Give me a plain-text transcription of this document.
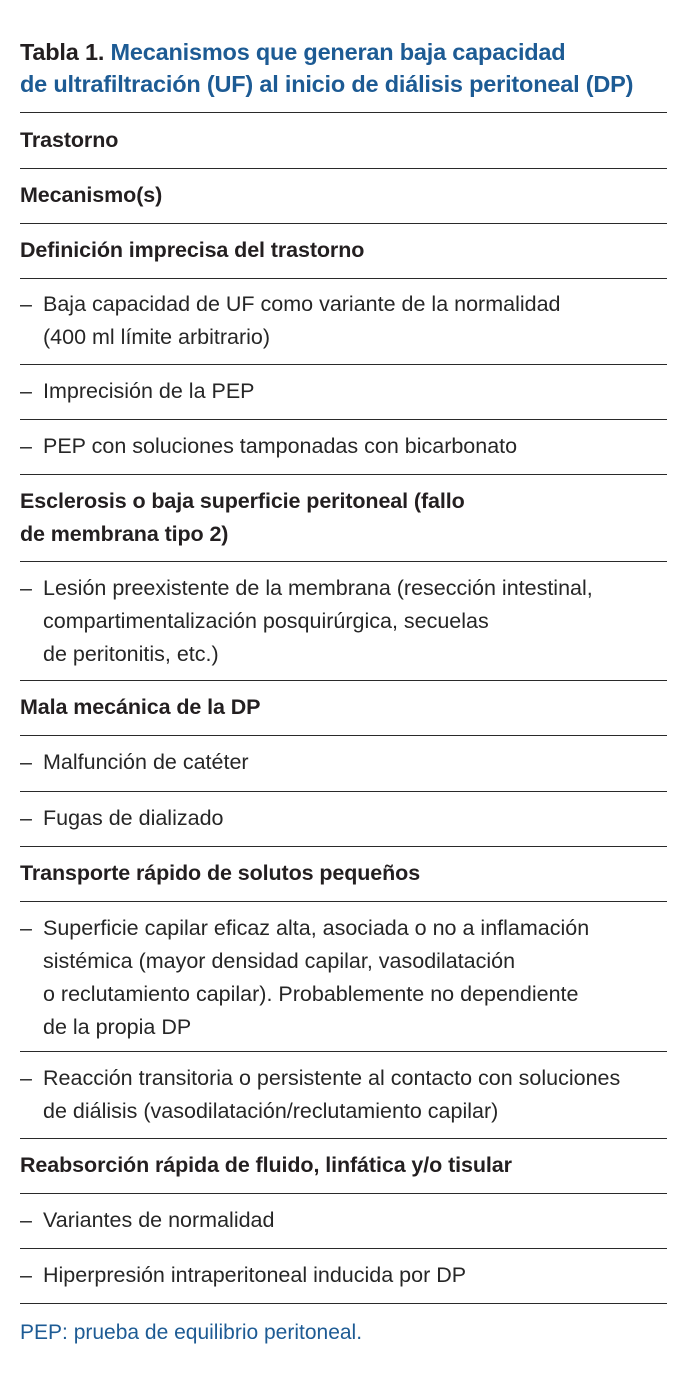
Tabla 1. Mecanismos que generan baja capacidad
de ultrafiltración (UF) al inicio de diálisis peritoneal (DP)
Trastorno
Mecanismo(s)
Definición imprecisa del trastorno
– Baja capacidad de UF como variante de la normalidad
(400 ml límite arbitrario)
– Imprecisión de la PEP
– PEP con soluciones tamponadas con bicarbonato
Esclerosis o baja superficie peritoneal (fallo
de membrana tipo 2)
– Lesión preexistente de la membrana (resección intestinal,
compartimentalización posquirúrgica, secuelas
de peritonitis, etc.)
Mala mecánica de la DP
– Malfunción de catéter
– Fugas de dializado
Transporte rápido de solutos pequeños
– Superficie capilar eficaz alta, asociada o no a inflamación
sistémica (mayor densidad capilar, vasodilatación
o reclutamiento capilar). Probablemente no dependiente
de la propia DP
– Reacción transitoria o persistente al contacto con soluciones
de diálisis (vasodilatación/reclutamiento capilar)
Reabsorción rápida de fluido, linfática y/o tisular
– Variantes de normalidad
– Hiperpresión intraperitoneal inducida por DP
PEP: prueba de equilibrio peritoneal.
